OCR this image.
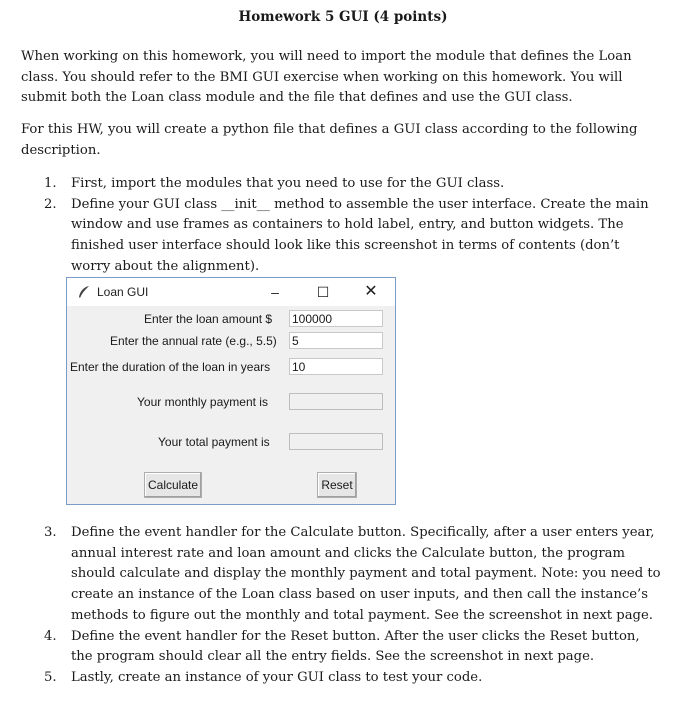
Homework 5 GUI (4 points)
When working on this homework, you will need to import the module that defines the Loan class. You should refer to the BMI GUI exercise when working on this homework. You will submit both the Loan class module and the file that defines and use the GUI class.
For this HW, you will create a python file that defines a GUI class according to the following description.
1. First, import the modules that you need to use for the GUI class.
2. Define your GUI class __init__ method to assemble the user interface. Create the main window and use frames as containers to hold label, entry, and button widgets. The finished user interface should look like this screenshot in terms of contents (don’t worry about the alignment).
Loan GUI	–	☐	✕
Enter the loan amount $ 100000
Enter the annual rate (e.g., 5.5) 5
Enter the duration of the loan in years 10
Your monthly payment is
Your total payment is
Calculate	Reset
3. Define the event handler for the Calculate button. Specifically, after a user enters year, annual interest rate and loan amount and clicks the Calculate button, the program should calculate and display the monthly payment and total payment. Note: you need to create an instance of the Loan class based on user inputs, and then call the instance’s methods to figure out the monthly and total payment. See the screenshot in next page.
4. Define the event handler for the Reset button. After the user clicks the Reset button, the program should clear all the entry fields. See the screenshot in next page.
5. Lastly, create an instance of your GUI class to test your code.
